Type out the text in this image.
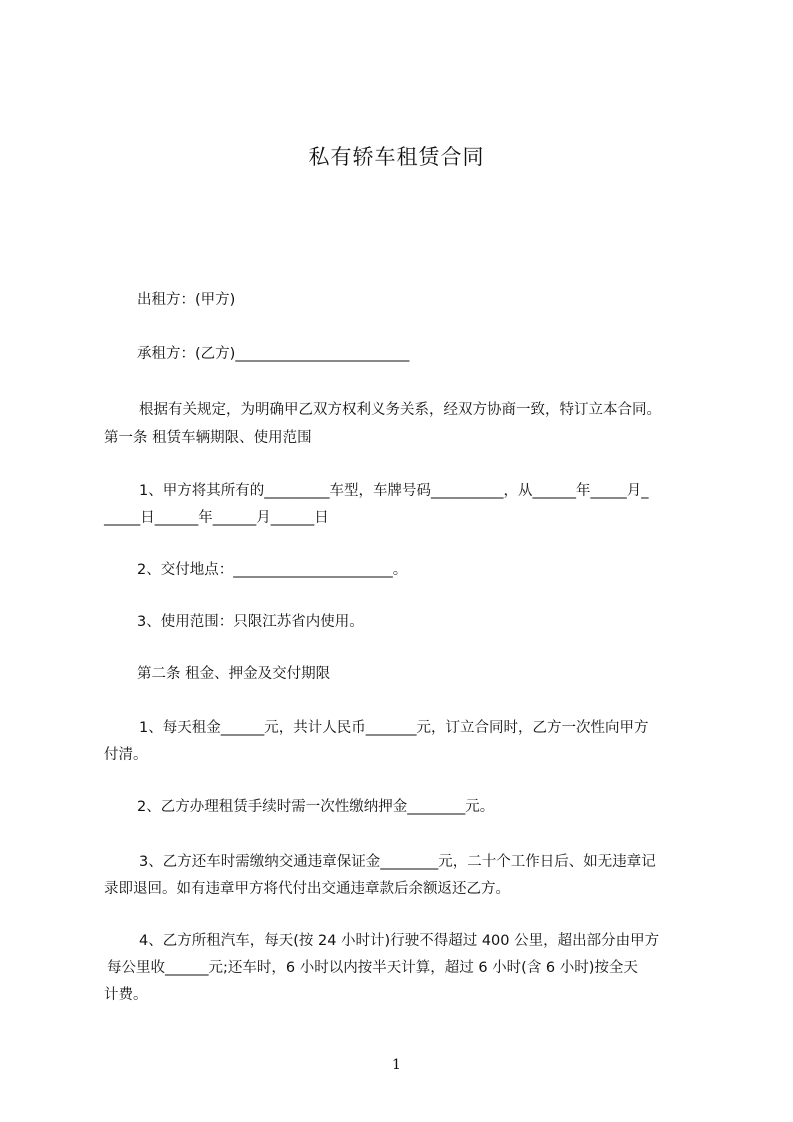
私有轿车租赁合同
出租方：(甲方)
承租方：(乙方)________________________
根据有关规定，为明确甲乙双方权利义务关系，经双方协商一致，特订立本合同。
第一条 租赁车辆期限、使用范围
1、甲方将其所有的_________车型，车牌号码__________，从______年_____月_
_____日______年______月______日
2、交付地点：______________________。
3、使用范围：只限江苏省内使用。
第二条 租金、押金及交付期限
1、每天租金______元，共计人民币_______元，订立合同时，乙方一次性向甲方
付清。
2、乙方办理租赁手续时需一次性缴纳押金________元。
3、乙方还车时需缴纳交通违章保证金________元，二十个工作日后、如无违章记
录即退回。如有违章甲方将代付出交通违章款后余额返还乙方。
4、乙方所租汽车，每天(按 24 小时计)行驶不得超过 400 公里，超出部分由甲方
每公里收______元;还车时，6 小时以内按半天计算，超过 6 小时(含 6 小时)按全天
计费。
1
